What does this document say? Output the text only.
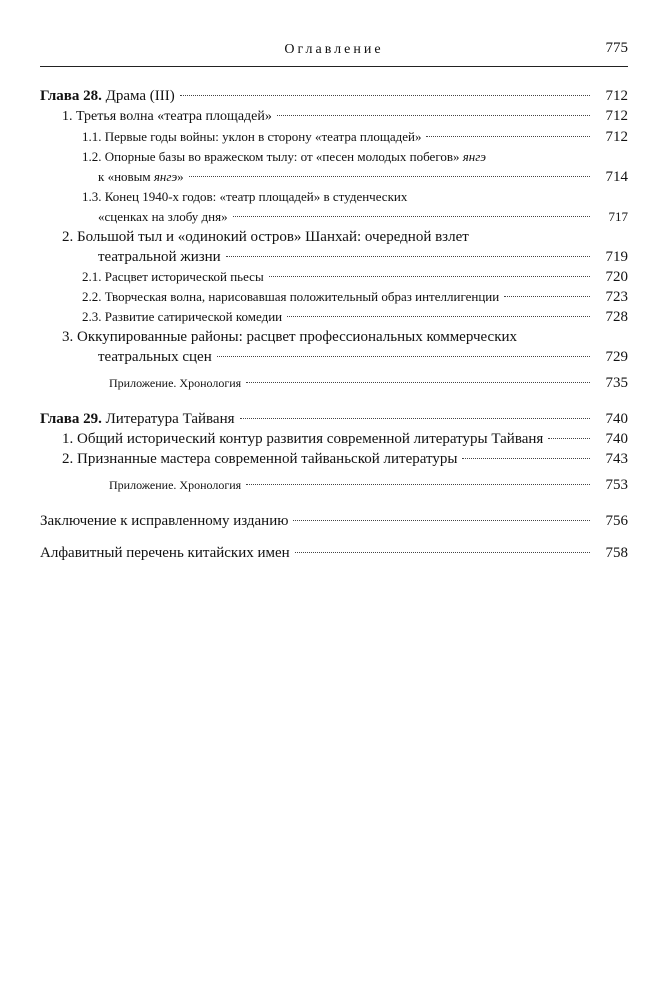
Оглавление	775
Глава 28. Драма (III)	712
1. Третья волна «театра площадей»	712
1.1. Первые годы войны: уклон в сторону «театра площадей»	712
1.2. Опорные базы во вражеском тылу: от «песен молодых побегов» янгэ
к «новым янгэ»	714
1.3. Конец 1940-х годов: «театр площадей» в студенческих
«сценках на злобу дня»	717
2. Большой тыл и «одинокий остров» Шанхай: очередной взлет
театральной жизни	719
2.1. Расцвет исторической пьесы	720
2.2. Творческая волна, нарисовавшая положительный образ интеллигенции	723
2.3. Развитие сатирической комедии	728
3. Оккупированные районы: расцвет профессиональных коммерческих
театральных сцен	729
Приложение. Хронология	735
Глава 29. Литература Тайваня	740
1. Общий исторический контур развития современной литературы Тайваня	740
2. Признанные мастера современной тайваньской литературы	743
Приложение. Хронология	753
Заключение к исправленному изданию	756
Алфавитный перечень китайских имен	758
